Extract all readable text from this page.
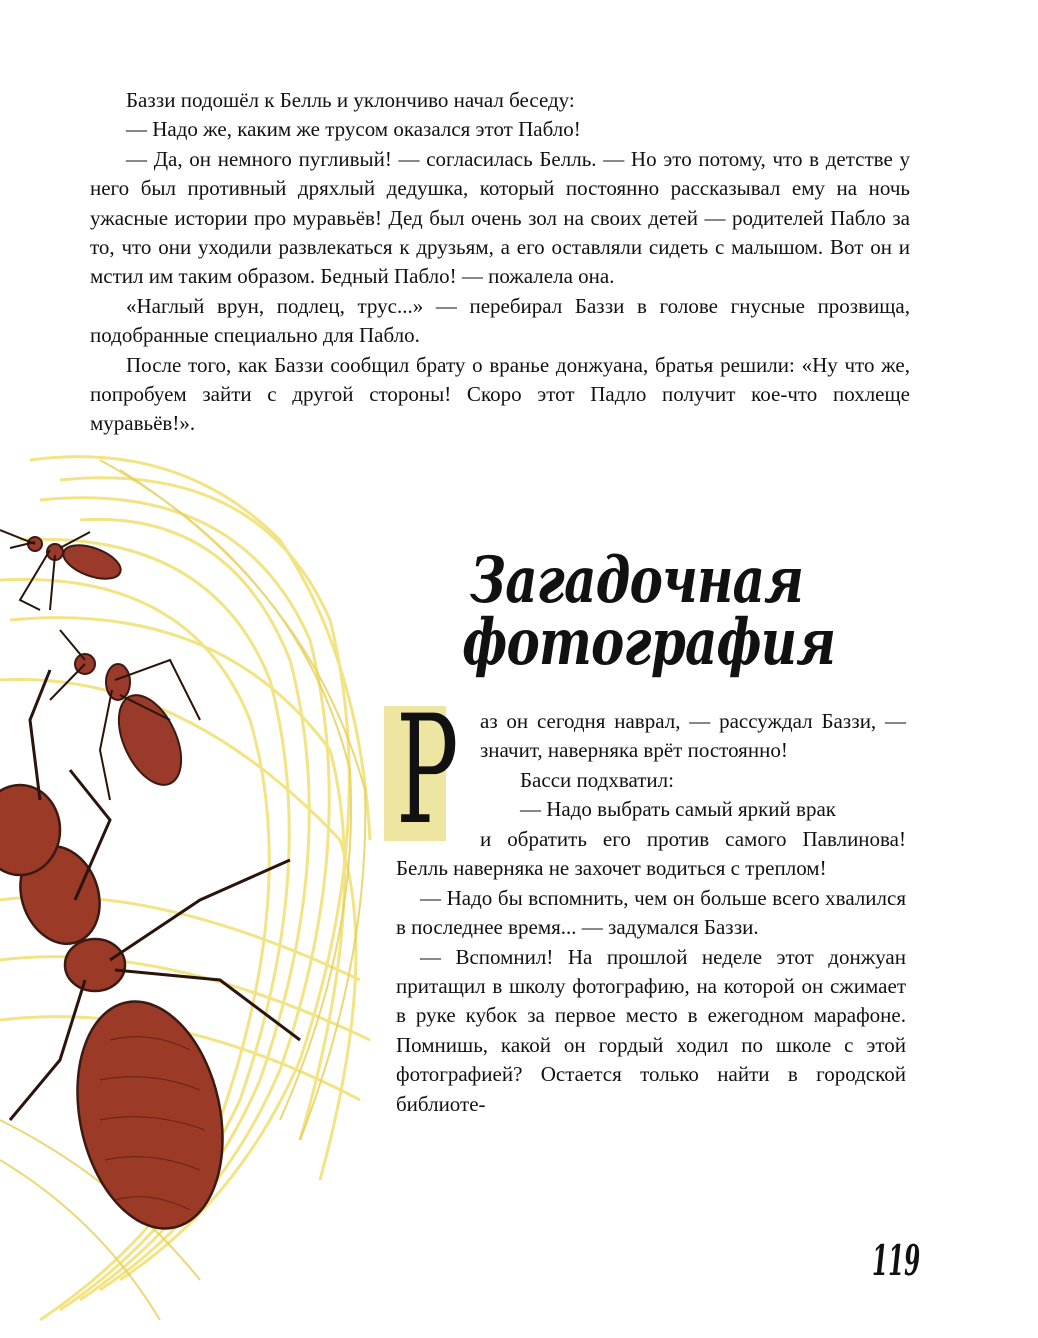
Баззи подошёл к Белль и уклончиво начал беседу:

— Надо же, каким же трусом оказался этот Пабло!

— Да, он немного пугливый! — согласилась Белль. — Но это потому, что в детстве у него был противный дряхлый дедушка, который постоянно рассказывал ему на ночь ужасные истории про муравьёв! Дед был очень зол на своих детей — родителей Пабло за то, что они уходили развлекаться к друзьям, а его оставляли сидеть с малышом. Вот он и мстил им таким образом. Бедный Пабло! — пожалела она.

«Наглый врун, подлец, трус...» — перебирал Баззи в голове гнусные прозвища, подобранные специально для Пабло.

После того, как Баззи сообщил брату о вранье донжуана, братья решили: «Ну что же, попробуем зайти с другой стороны! Скоро этот Падло получит кое-что похлеще муравьёв!».

Загадочная
фотография
Р аз он сегодня наврал, — рассуждал Баззи, — значит, наверняка врёт постоянно!

Басси подхватил:

— Надо выбрать самый яркий врак

и обратить его против самого Павлинова! Белль наверняка не захочет водиться с треплом!

— Надо бы вспомнить, чем он больше всего хвалился в последнее время... — задумался Баззи.

— Вспомнил! На прошлой неделе этот донжуан притащил в школу фотографию, на которой он сжимает в руке кубок за первое место в ежегодном марафоне. Помнишь, какой он гордый ходил по школе с этой фотографией? Остается только найти в городской библиоте-

119
